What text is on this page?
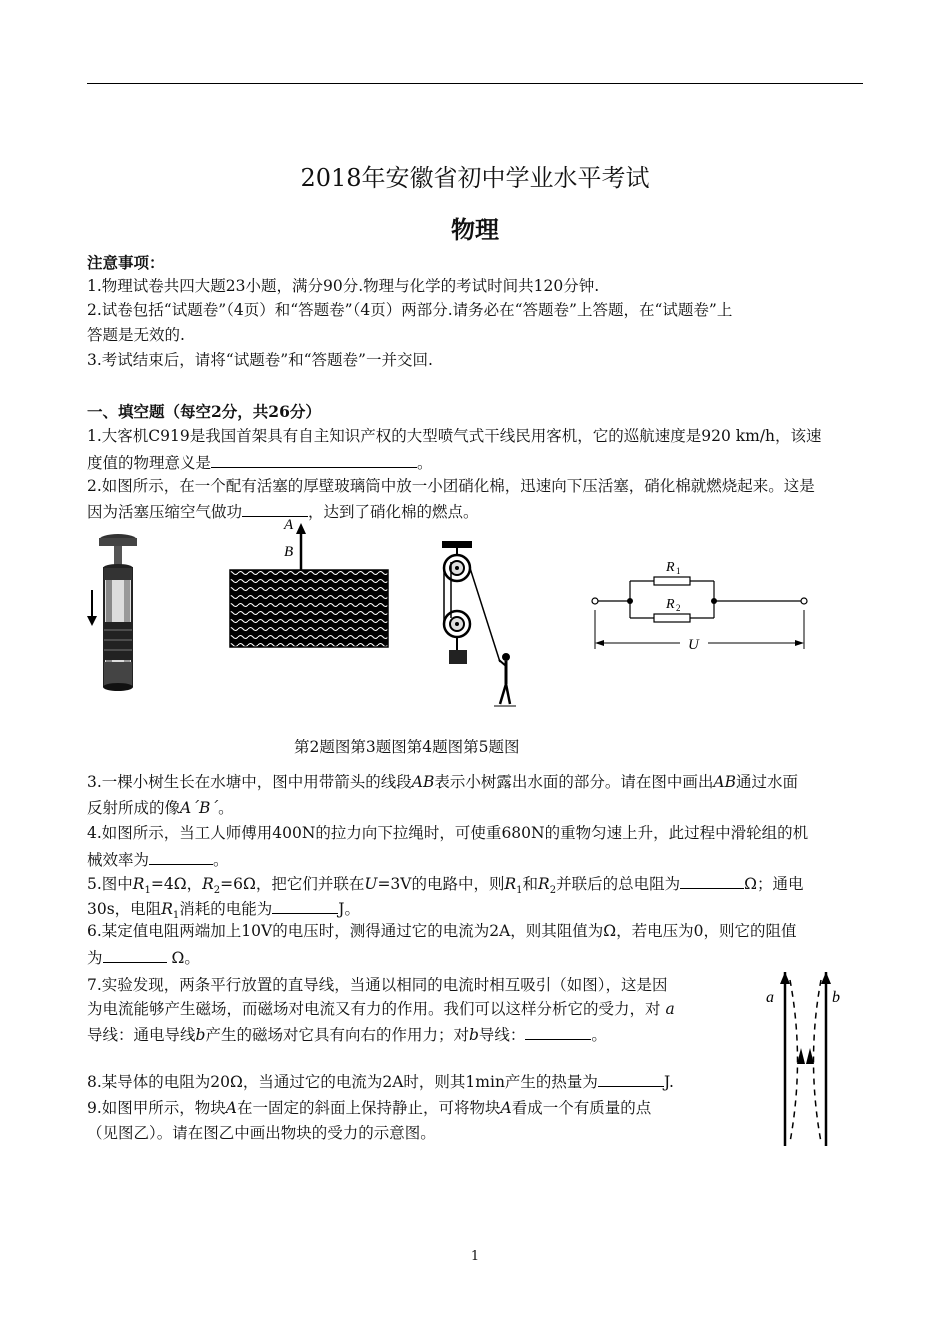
2018年安徽省初中学业水平考试
物理
注意事项：
1.物理试卷共四大题23小题，满分90分.物理与化学的考试时间共120分钟.
2.试卷包括“试题卷”（4页）和“答题卷”（4页）两部分.请务必在“答题卷”上答题，在“试题卷”上
答题是无效的.
3.考试结束后，请将“试题卷”和“答题卷”一并交回.
一、填空题（每空2分，共26分）
1.大客机C919是我国首架具有自主知识产权的大型喷气式干线民用客机，它的巡航速度是920 km/h，该速
度值的物理意义是	。
2.如图所示，在一个配有活塞的厚壁玻璃筒中放一小团硝化棉，迅速向下压活塞，硝化棉就燃烧起来。这是
因为活塞压缩空气做功	，达到了硝化棉的燃点。
A
B
R 1
R 2
U
第2题图第3题图第4题图第5题图
3.一棵小树生长在水塘中，图中用带箭头的线段AB表示小树露出水面的部分。请在图中画出AB通过水面
反射所成的像A´B´。
4.如图所示，当工人师傅用400N的拉力向下拉绳时，可使重680N的重物匀速上升，此过程中滑轮组的机
械效率为	。
5.图中$R_1=4\Omega$，$R_2=6\Omega$，把它们并联在U=3V的电路中，则$R_1$和$R_2$并联后的总电阻为	Ω；通电
30s，电阻$R_1$消耗的电能为	J。
6.某定值电阻两端加上10V的电压时，测得通过它的电流为2A，则其阻值为Ω，若电压为0，则它的阻值
为	Ω。
7.实验发现，两条平行放置的直导线，当通以相同的电流时相互吸引（如图），这是因
为电流能够产生磁场，而磁场对电流又有力的作用。我们可以这样分析它的受力，对 a
导线：通电导线b产生的磁场对它具有向右的作用力；对b导线：	。
a	b
8.某导体的电阻为20Ω，当通过它的电流为2A时，则其1min产生的热量为	J.
9.如图甲所示，物块A在一固定的斜面上保持静止，可将物块A看成一个有质量的点
（见图乙）。请在图乙中画出物块的受力的示意图。
1
